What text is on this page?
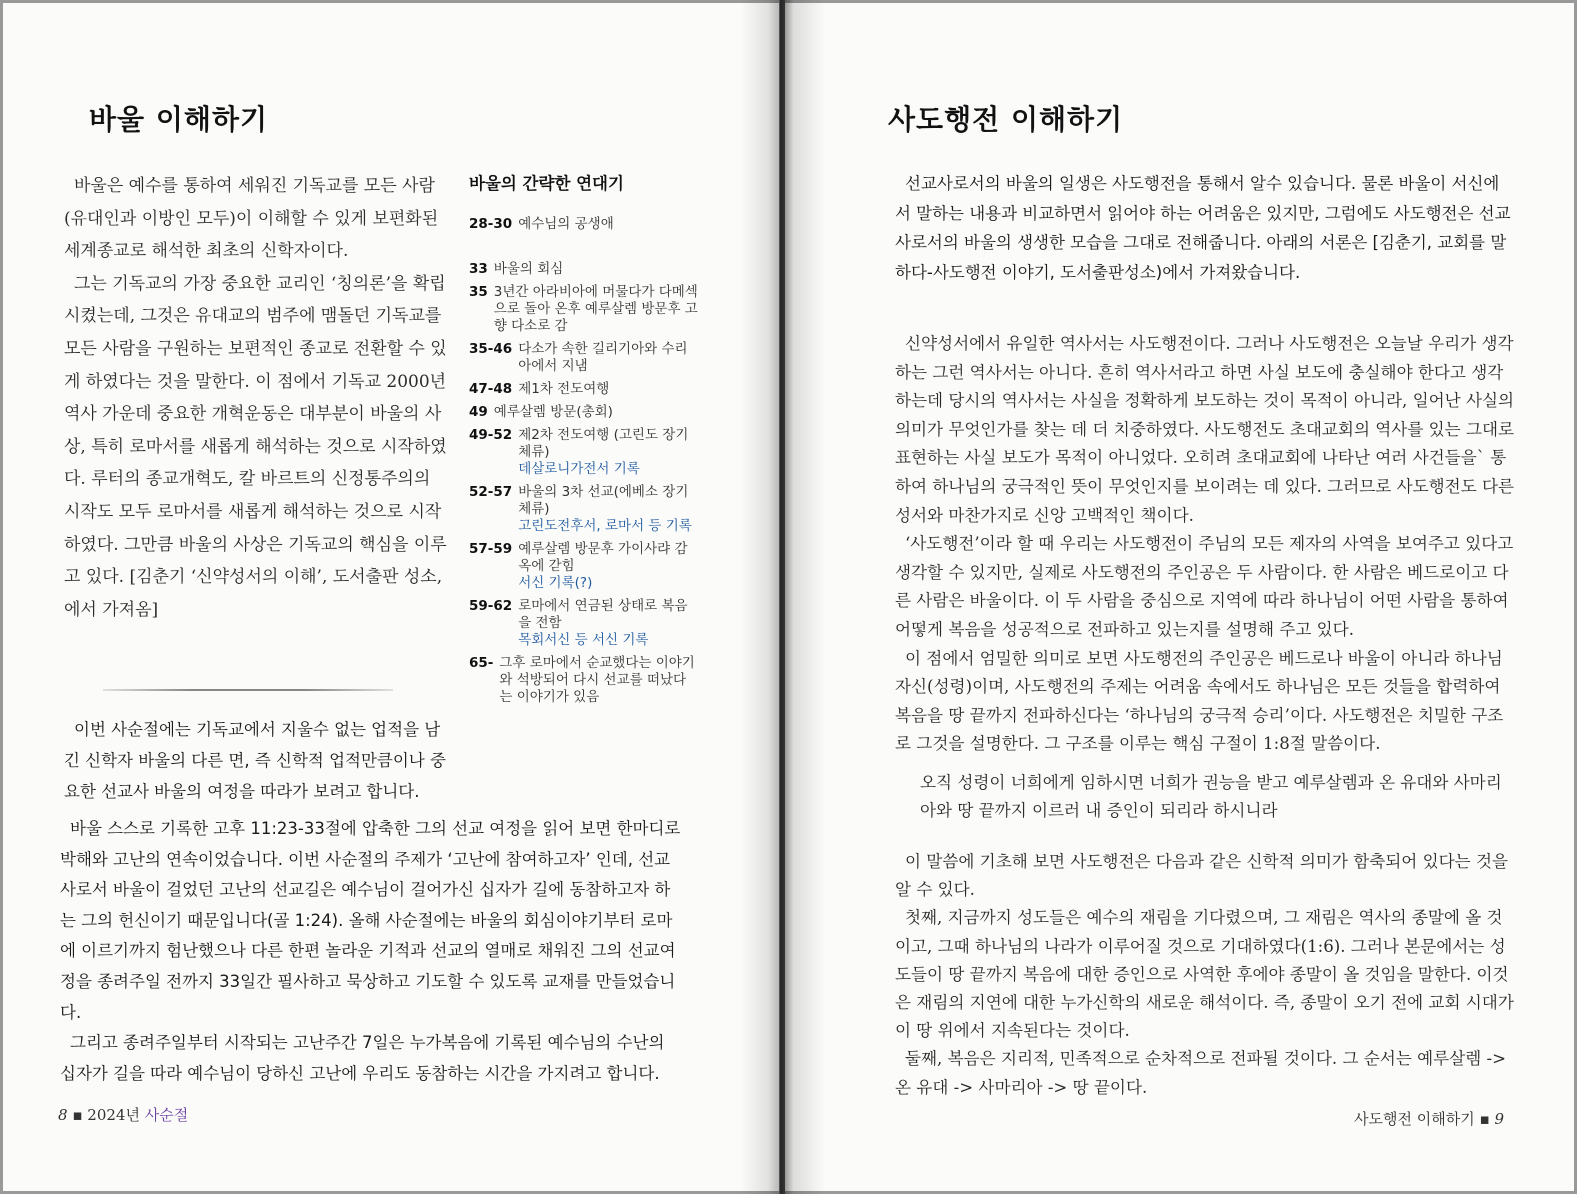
바울 이해하기

바울은 예수를 통하여 세워진 기독교를 모든 사람(유대인과 이방인 모두)이 이해할 수 있게 보편화된 세계종교로 해석한 최초의 신학자이다.

그는 기독교의 가장 중요한 교리인 ‘칭의론’을 확립시켰는데, 그것은 유대교의 범주에 맴돌던 기독교를 모든 사람을 구원하는 보편적인 종교로 전환할 수 있게 하였다는 것을 말한다. 이 점에서 기독교 2000년 역사 가운데 중요한 개혁운동은 대부분이 바울의 사상, 특히 로마서를 새롭게 해석하는 것으로 시작하였다. 루터의 종교개혁도, 칼 바르트의 신정통주의의 시작도 모두 로마서를 새롭게 해석하는 것으로 시작하였다. 그만큼 바울의 사상은 기독교의 핵심을 이루고 있다. [김춘기 ‘신약성서의 이해’, 도서출판 성소, 에서 가져옴]

바울의 간략한 연대기
28-30 예수님의 공생애
33 바울의 회심
35 3년간 아라비아에 머물다가 다메섹으로 돌아 온후 예루살렘 방문후 고향 다소로 감
35-46 다소가 속한 길리기아와 수리아에서 지냄
47-48 제1차 전도여행
49 예루살렘 방문(총회)
49-52 제2차 전도여행 (고린도 장기 체류)
데살로니가전서 기록
52-57 바울의 3차 선교(에베소 장기 체류)
고린도전후서, 로마서 등 기록
57-59 예루살렘 방문후 가이사랴 감옥에 갇힘
서신 기록(?)
59-62 로마에서 연금된 상태로 복음을 전함
목회서신 등 서신 기록
65- 그후 로마에서 순교했다는 이야기와 석방되어 다시 선교를 떠났다는 이야기가 있음

이번 사순절에는 기독교에서 지울수 없는 업적을 남긴 신학자 바울의 다른 면, 즉 신학적 업적만큼이나 중요한 선교사 바울의 여정을 따라가 보려고 합니다.

바울 스스로 기록한 고후 11:23-33절에 압축한 그의 선교 여정을 읽어 보면 한마디로 박해와 고난의 연속이었습니다. 이번 사순절의 주제가 ‘고난에 참여하고자’ 인데, 선교사로서 바울이 걸었던 고난의 선교길은 예수님이 걸어가신 십자가 길에 동참하고자 하는 그의 헌신이기 때문입니다(골 1:24). 올해 사순절에는 바울의 회심이야기부터 로마에 이르기까지 험난했으나 다른 한편 놀라운 기적과 선교의 열매로 채워진 그의 선교여정을 종려주일 전까지 33일간 필사하고 묵상하고 기도할 수 있도록 교재를 만들었습니다.

그리고 종려주일부터 시작되는 고난주간 7일은 누가복음에 기록된 예수님의 수난의 십자가 길을 따라 예수님이 당하신 고난에 우리도 동참하는 시간을 가지려고 합니다.

8 ▪ 2024년 사순절
사도행전 이해하기

선교사로서의 바울의 일생은 사도행전을 통해서 알수 있습니다. 물론 바울이 서신에서 말하는 내용과 비교하면서 읽어야 하는 어려움은 있지만, 그럼에도 사도행전은 선교사로서의 바울의 생생한 모습을 그대로 전해줍니다. 아래의 서론은 [김춘기, 교회를 말하다-사도행전 이야기, 도서출판성소)에서 가져왔습니다.

신약성서에서 유일한 역사서는 사도행전이다. 그러나 사도행전은 오늘날 우리가 생각하는 그런 역사서는 아니다. 흔히 역사서라고 하면 사실 보도에 충실해야 한다고 생각하는데 당시의 역사서는 사실을 정확하게 보도하는 것이 목적이 아니라, 일어난 사실의 의미가 무엇인가를 찾는 데 더 치중하였다. 사도행전도 초대교회의 역사를 있는 그대로 표현하는 사실 보도가 목적이 아니었다. 오히려 초대교회에 나타난 여러 사건들을` 통하여 하나님의 궁극적인 뜻이 무엇인지를 보이려는 데 있다. 그러므로 사도행전도 다른 성서와 마찬가지로 신앙 고백적인 책이다.

‘사도행전’이라 할 때 우리는 사도행전이 주님의 모든 제자의 사역을 보여주고 있다고 생각할 수 있지만, 실제로 사도행전의 주인공은 두 사람이다. 한 사람은 베드로이고 다른 사람은 바울이다. 이 두 사람을 중심으로 지역에 따라 하나님이 어떤 사람을 통하여 어떻게 복음을 성공적으로 전파하고 있는지를 설명해 주고 있다.

이 점에서 엄밀한 의미로 보면 사도행전의 주인공은 베드로나 바울이 아니라 하나님 자신(성령)이며, 사도행전의 주제는 어려움 속에서도 하나님은 모든 것들을 합력하여 복음을 땅 끝까지 전파하신다는 ‘하나님의 궁극적 승리’이다. 사도행전은 치밀한 구조로 그것을 설명한다. 그 구조를 이루는 핵심 구절이 1:8절 말씀이다.

오직 성령이 너희에게 임하시면 너희가 권능을 받고 예루살렘과 온 유대와 사마리아와 땅 끝까지 이르러 내 증인이 되리라 하시니라

이 말씀에 기초해 보면 사도행전은 다음과 같은 신학적 의미가 함축되어 있다는 것을 알 수 있다.

첫째, 지금까지 성도들은 예수의 재림을 기다렸으며, 그 재림은 역사의 종말에 올 것이고, 그때 하나님의 나라가 이루어질 것으로 기대하였다(1:6). 그러나 본문에서는 성도들이 땅 끝까지 복음에 대한 증인으로 사역한 후에야 종말이 올 것임을 말한다. 이것은 재림의 지연에 대한 누가신학의 새로운 해석이다. 즉, 종말이 오기 전에 교회 시대가 이 땅 위에서 지속된다는 것이다.

둘째, 복음은 지리적, 민족적으로 순차적으로 전파될 것이다. 그 순서는 예루살렘 -> 온 유대 -> 사마리아 -> 땅 끝이다.

사도행전 이해하기 ▪ 9
